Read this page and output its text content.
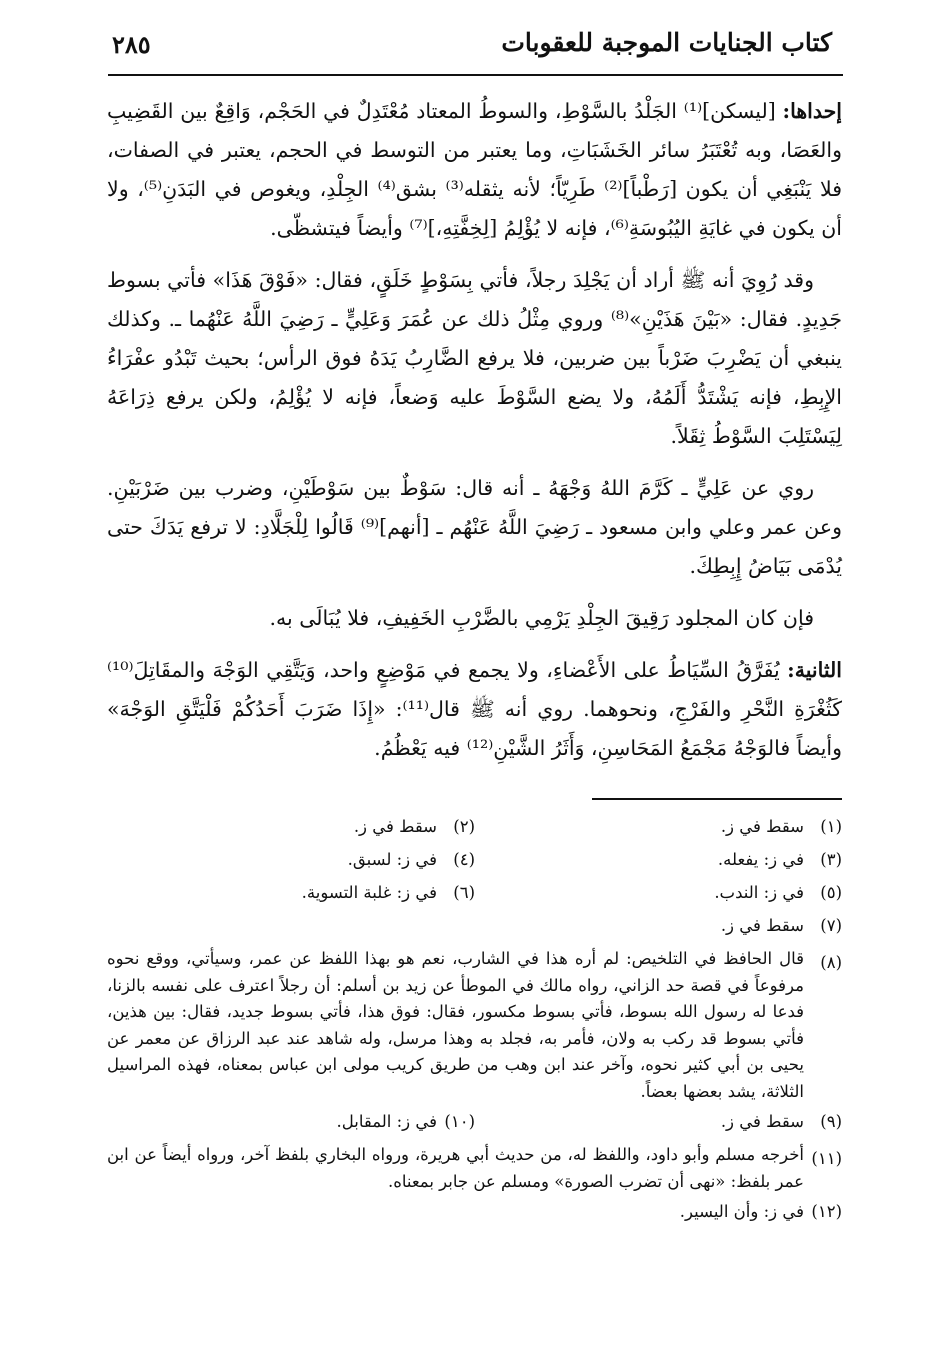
كتاب الجنايات الموجبة للعقوبات
٢٨٥

إحداها: [ليسكن]⁽¹⁾ الجَلْدُ بالسَّوْطِ، والسوطُ المعتاد مُعْتَدِلٌ في الحَجْم، وَاقِعٌ بين القَضِيبِ والعَصَا، وبه تُعْتَبَرُ سائر الخَشَبَاتِ، وما يعتبر من التوسط في الحجم، يعتبر في الصفات، فلا يَنْبَغِي أن يكون [رَطْباً]⁽²⁾ طَرِيّاً؛ لأنه يثقله⁽³⁾ بشق⁽⁴⁾ الجِلْدِ، ويغوص في البَدَنِ⁽⁵⁾، ولا أن يكون في غايَةِ اليُبُوسَةِ⁽⁶⁾، فإنه لا يُؤْلِمُ [لِخِفَّتِهِ،]⁽⁷⁾ وأيضاً فيتشظّى.

وقد رُوِيَ أنه ﷺ أراد أن يَجْلِدَ رجلاً، فأتي بِسَوْطٍ خَلَقٍ، فقال: «فَوْقَ هَذَا» فأتي بسوط جَدِيدٍ. فقال: «بَيْنَ هَذَيْنِ»⁽⁸⁾ وروي مِثْلُ ذلك عن عُمَرَ وَعَلِيٍّ ـ رَضِيَ اللَّهُ عَنْهُما ـ. وكذلك ينبغي أن يَضْرِبَ ضَرْباً بين ضربين، فلا يرفع الضَّارِبُ يَدَهُ فوق الرأس؛ بحيث تَبْدُو عفْرَاءُ الإِبِطِ، فإنه يَشْتَدُّ أَلَمُهُ، ولا يضع السَّوْطَ عليه وَضعاً، فإنه لا يُؤْلِمُ، ولكن يرفع ذِرَاعَهُ لِيَسْتَلِبَ السَّوْطُ ثِقَلاً.

روي عن عَلِيٍّ ـ كَرَّمَ اللهُ وَجْهَهُ ـ أنه قال: سَوْطٌ بين سَوْطَيْنِ، وضرب بين ضَرْبَيْنِ. وعن عمر وعلي وابن مسعود ـ رَضِيَ اللَّهُ عَنْهُم ـ [أنهم]⁽⁹⁾ قَالُوا لِلْجَلَّادِ: لا ترفع يَدَكَ حتى يُدْمَى بَيَاضُ إِبِطِكَ.

فإن كان المجلود رَقِيقَ الجِلْدِ يَرْمِي بالضَّرْبِ الخَفِيفِ، فلا يُبَالَى به.

الثانية: يُفَرَّقُ السِّيَاطُ على الأَعْضاءِ، ولا يجمع في مَوْضِعٍ واحد، وَيَتَّقِي الوَجْهَ والمقَاتِلَ⁽¹⁰⁾ كَثُغْرَةِ النَّحْرِ والفَرْجِ، ونحوهما. روي أنه ﷺ قال⁽¹¹⁾: «إِذَا ضَرَبَ أَحَدُكُمْ فَلْيَتَّقِ الوَجْهَ» وأيضاً فالوَجْهُ مَجْمَعُ المَحَاسِنِ، وَأَثَرُ الشَّيْنِ⁽¹²⁾ فيه يَعْظُمُ.

(١)
سقط في ز.
(٢)
سقط في ز.
(٣)
في ز: يفعله.
(٤)
في ز: لسبق.
(٥)
في ز: الندب.
(٦)
في ز: غلبة التسوية.
(٧)
سقط في ز.
(٨)
قال الحافظ في التلخيص: لم أره هذا في الشارب، نعم هو بهذا اللفظ عن عمر، وسيأتي، ووقع نحوه مرفوعاً في قصة حد الزاني، رواه مالك في الموطأ عن زيد بن أسلم: أن رجلاً اعترف على نفسه بالزنا، فدعا له رسول الله بسوط، فأتي بسوط مكسور، فقال: فوق هذا، فأتي بسوط جديد، فقال: بين هذين، فأتي بسوط قد ركب به ولان، فأمر به، فجلد به وهذا مرسل، وله شاهد عند عبد الرزاق عن معمر عن يحيى بن أبي كثير نحوه، وآخر عند ابن وهب من طريق كريب مولى ابن عباس بمعناه، فهذه المراسيل الثلاثة، يشد بعضها بعضاً.
(٩)
سقط في ز.
(١٠)
في ز: المقابل.
(١١)
أخرجه مسلم وأبو داود، واللفظ له، من حديث أبي هريرة، ورواه البخاري بلفظ آخر، ورواه أيضاً عن ابن عمر بلفظ: «نهى أن تضرب الصورة» ومسلم عن جابر بمعناه.
(١٢)
في ز: وأن اليسير.
